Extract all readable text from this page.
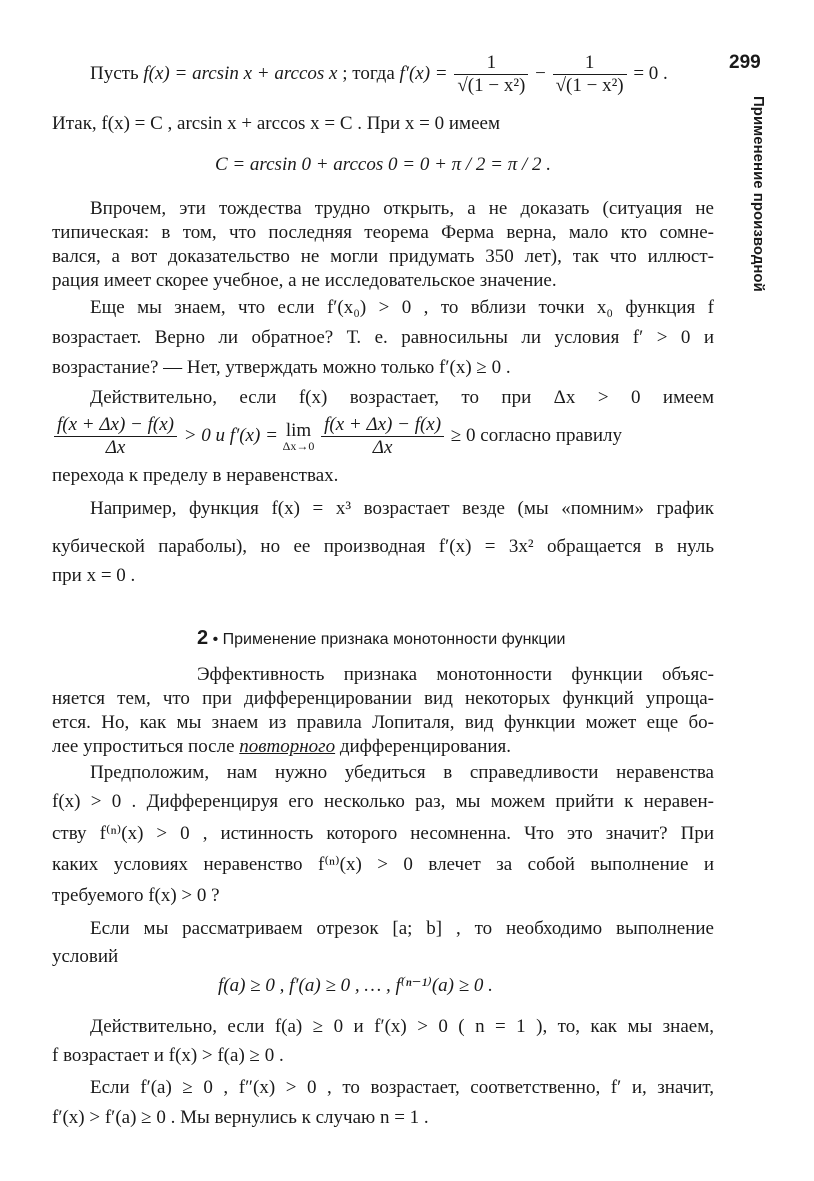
299
Применение производной
Пусть f(x) = arcsin x + arccos x ; тогда $f'(x) = \frac{1}{\text{√(1 − x²)}} - \frac{1}{\text{√(1 − x²)}} = 0$ .
Итак, f(x) = C , arcsin x + arccos x = C . При x = 0 имеем
C = arcsin 0 + arccos 0 = 0 + π / 2 = π / 2 .
Впрочем, эти тождества трудно открыть, а не доказать (ситуация не
типическая: в том, что последняя теорема Ферма верна, мало кто сомне-
вался, а вот доказательство не могли придумать 350 лет), так что иллюст-
рация имеет скорее учебное, а не исследовательское значение.
Еще мы знаем, что если f′(x₀) > 0 , то вблизи точки x₀ функция f
возрастает. Верно ли обратное? Т. е. равносильны ли условия f′ > 0 и
возрастание? — Нет, утверждать можно только f′(x) ≥ 0 .
Действительно, если f(x) возрастает, то при Δx > 0 имеем
$\frac{f(x + \Delta x) - f(x)}{\Delta x} > 0$ и f′(x) = lim
Δx→0
$\frac{f(x + \Delta x) - f(x)}{\Delta x} \ge 0$ согласно правилу
перехода к пределу в неравенствах.
Например, функция f(x) = x³ возрастает везде (мы «помним» график
кубической параболы), но ее производная f′(x) = 3x² обращается в нуль
при x = 0 .
2 • Применение признака монотонности функции
Эффективность признака монотонности функции объяс-
няется тем, что при дифференцировании вид некоторых функций упроща-
ется. Но, как мы знаем из правила Лопиталя, вид функции может еще бо-
лее упроститься после повторного дифференцирования.
Предположим, нам нужно убедиться в справедливости неравенства
f(x) > 0 . Дифференцируя его несколько раз, мы можем прийти к неравен-
ству f⁽ⁿ⁾(x) > 0 , истинность которого несомненна. Что это значит? При
каких условиях неравенство f⁽ⁿ⁾(x) > 0 влечет за собой выполнение и
требуемого f(x) > 0 ?
Если мы рассматриваем отрезок [a; b] , то необходимо выполнение
условий
f(a) ≥ 0 , f′(a) ≥ 0 , … , f⁽ⁿ⁻¹⁾(a) ≥ 0 .
Действительно, если f(a) ≥ 0 и f′(x) > 0 ( n = 1 ), то, как мы знаем,
f возрастает и f(x) > f(a) ≥ 0 .
Если f′(a) ≥ 0 , f″(x) > 0 , то возрастает, соответственно, f′ и, значит,
f′(x) > f′(a) ≥ 0 . Мы вернулись к случаю n = 1 .
